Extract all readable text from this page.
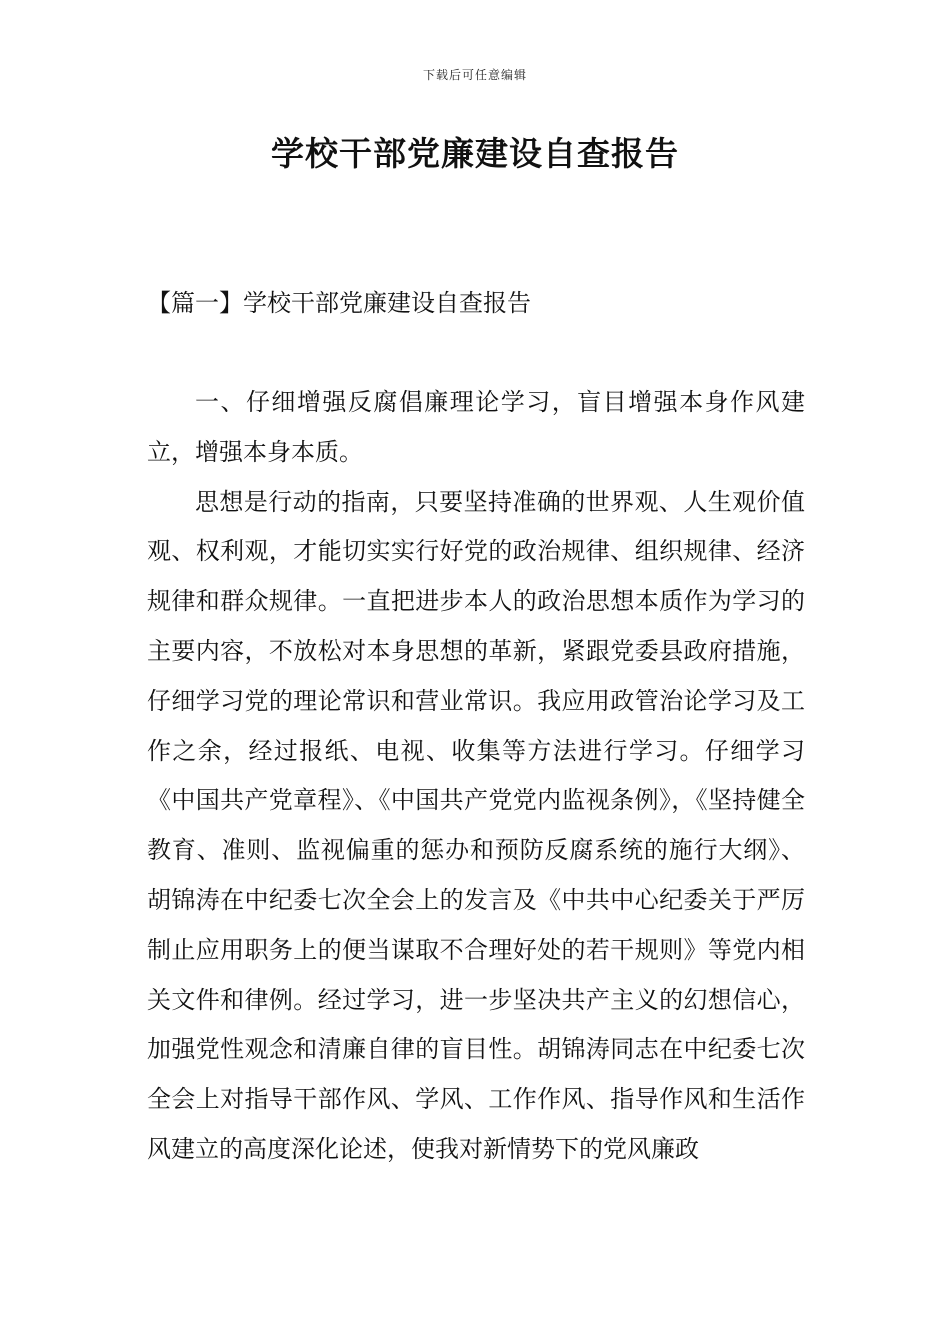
下载后可任意编辑
学校干部党廉建设自查报告
【篇一】学校干部党廉建设自查报告

一、仔细增强反腐倡廉理论学习，盲目增强本身作风建立，增强本身本质。

思想是行动的指南，只要坚持准确的世界观、人生观价值观、权利观，才能切实实行好党的政治规律、组织规律、经济规律和群众规律。一直把进步本人的政治思想本质作为学习的主要内容，不放松对本身思想的革新，紧跟党委县政府措施，仔细学习党的理论常识和营业常识。我应用政管治论学习及工作之余，经过报纸、电视、收集等方法进行学习。仔细学习《中国共产党章程》、《中国共产党党内监视条例》，《坚持健全教育、准则、监视偏重的惩办和预防反腐系统的施行大纲》、胡锦涛在中纪委七次全会上的发言及《中共中心纪委关于严厉制止应用职务上的便当谋取不合理好处的若干规则》等党内相关文件和律例。经过学习，进一步坚决共产主义的幻想信心，加强党性观念和清廉自律的盲目性。胡锦涛同志在中纪委七次全会上对指导干部作风、学风、工作作风、指导作风和生活作风建立的高度深化论述，使我对新情势下的党风廉政
